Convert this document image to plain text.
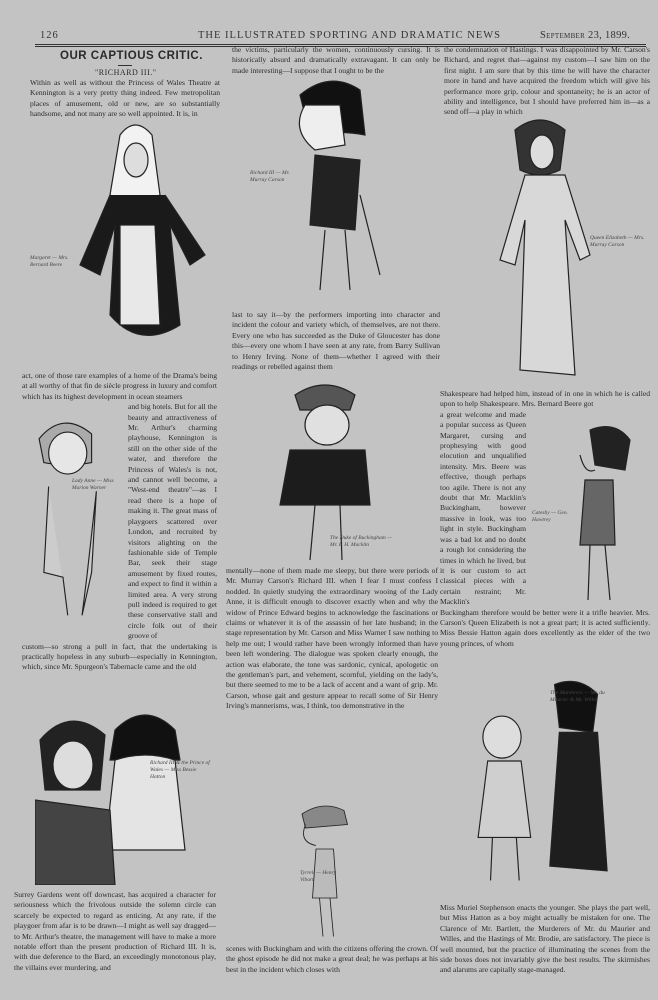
126	THE ILLUSTRATED SPORTING AND DRAMATIC NEWS	September 23, 1899.
OUR CAPTIOUS CRITIC.
"RICHARD III."
Within as well as without the Princess of Wales Theatre at Kennington is a very pretty thing indeed. Few metropolitan places of amusement, old or new, are so substantially handsome, and not many are so well appointed. It is, in
act, one of those rare examples of a home of the Drama's being at all worthy of that fin de siècle progress in luxury and comfort which has its highest development in ocean steamers
and big hotels. But for all the beauty and attractiveness of Mr. Arthur's charming playhouse, Kennington is still on the other side of the water, and therefore the Princess of Wales's is not, and cannot well become, a "West-end theatre"—as I read there is a hope of making it. The great mass of playgoers scattered over London, and recruited by visitors alighting on the fashionable side of Temple Bar, seek their stage amusement by fixed routes, and expect to find it within a limited area. A very strong pull indeed is required to get these conservative stall and circle folk out of their groove of
custom—so strong a pull in fact, that the undertaking is practically hopeless in any suburb—especially in Kennington, which, since Mr. Spurgeon's Tabernacle came and the old
Surrey Gardens went off downcast, has acquired a character for seriousness which the frivolous outside the solemn circle can scarcely be expected to regard as enticing. At any rate, if the playgoer from afar is to be drawn—I might as well say dragged—to Mr. Arthur's theatre, the management will have to make a more notable effort than the present production of Richard III. It is, with due deference to the Bard, an exceedingly monotonous play, the villains ever murdering, and
the victims, particularly the women, continuously cursing. It is historically absurd and dramatically extravagant. It can only be made interesting—I suppose that I ought to be the
last to say it—by the performers importing into character and incident the colour and variety which, of themselves, are not there. Every one who has succeeded as the Duke of Gloucester has done this—every one whom I have seen at any rate, from Barry Sullivan to Henry Irving. None of them—whether I agreed with their readings or rebelled against them
mentally—none of them made me sleepy, but there were periods of Mr. Murray Carson's Richard III. when I fear I must confess I nodded. In quietly studying the extraordinary wooing of the Lady Anne, it is difficult enough to discover exactly when and why the widow of Prince Edward begins to acknowledge the fascinations or claims or whatever it is of the assassin of her late husband; in the stage representation by Mr. Carson and Miss Warner I saw nothing to help me out; I would rather have been wrongly informed than have been left wondering. The dialogue was spoken clearly enough, the action was elaborate, the tone was sardonic, cynical, apologetic on the gentleman's part, and vehement, scornful, yielding on the lady's, but there seemed to me to be a lack of accent and a want of grip. Mr. Carson, whose gait and gesture appear to recall some of Sir Henry Irving's mannerisms, was, I think, too demonstrative in the
scenes with Buckingham and with the citizens offering the crown. Of the ghost episode he did not make a great deal; he was perhaps at his best in the incident which closes with
the condemnation of Hastings. I was disappointed by Mr. Carson's Richard, and regret that—against my custom—I saw him on the first night. I am sure that by this time he will have the character more in hand and have acquired the freedom which will give his performance more grip, colour and spontaneity; he is an actor of ability and intelligence, but I should have preferred him in—as a send off—a play in which
Shakespeare had helped him, instead of in one in which he is called upon to help Shakespeare. Mrs. Bernard Beere got
a great welcome and made a popular success as Queen Margaret, cursing and prophesying with good elocution and unqualified intensity. Mrs. Beere was effective, though perhaps too agile. There is not any doubt that Mr. Macklin's Buckingham, however massive in look, was too light in style. Buckingham was a bad lot and no doubt a rough lot considering the times in which he lived, but it is our custom to act classical pieces with a certain restraint; Mr. Macklin's
Buckingham therefore would be better were it a trifle heavier. Mrs. Carson's Queen Elizabeth is not a great part; it is acted sufficiently. Miss Bessie Hatton again does excellently as the elder of the two young princes, of whom
Miss Muriel Stephenson enacts the younger. She plays the part well, but Miss Hatton as a boy might actually be mistaken for one. The Clarence of Mr. Bartlett, the Murderers of Mr. du Maurier and Willes, and the Hastings of Mr. Brodie, are satisfactory. The piece is well mounted, but the practice of illuminating the scenes from the side boxes does not invariably give the best results. The skirmishes and alarums are capitally stage-managed.
Margaret — Mrs. Bernard Beere
Richard III — Mr. Murray Carson
Queen Elizabeth — Mrs. Murray Carson
Lady Anne — Miss Marion Warner
The Duke of Buckingham — Mr. F. H. Macklin
Catesby — Geo. Hawtrey
Richard III & the Prince of Wales — Miss Bessie Hatton
Tyrrell — Henry Vibart
The Murderers — Mr. du Maurier & Mr. Willes
